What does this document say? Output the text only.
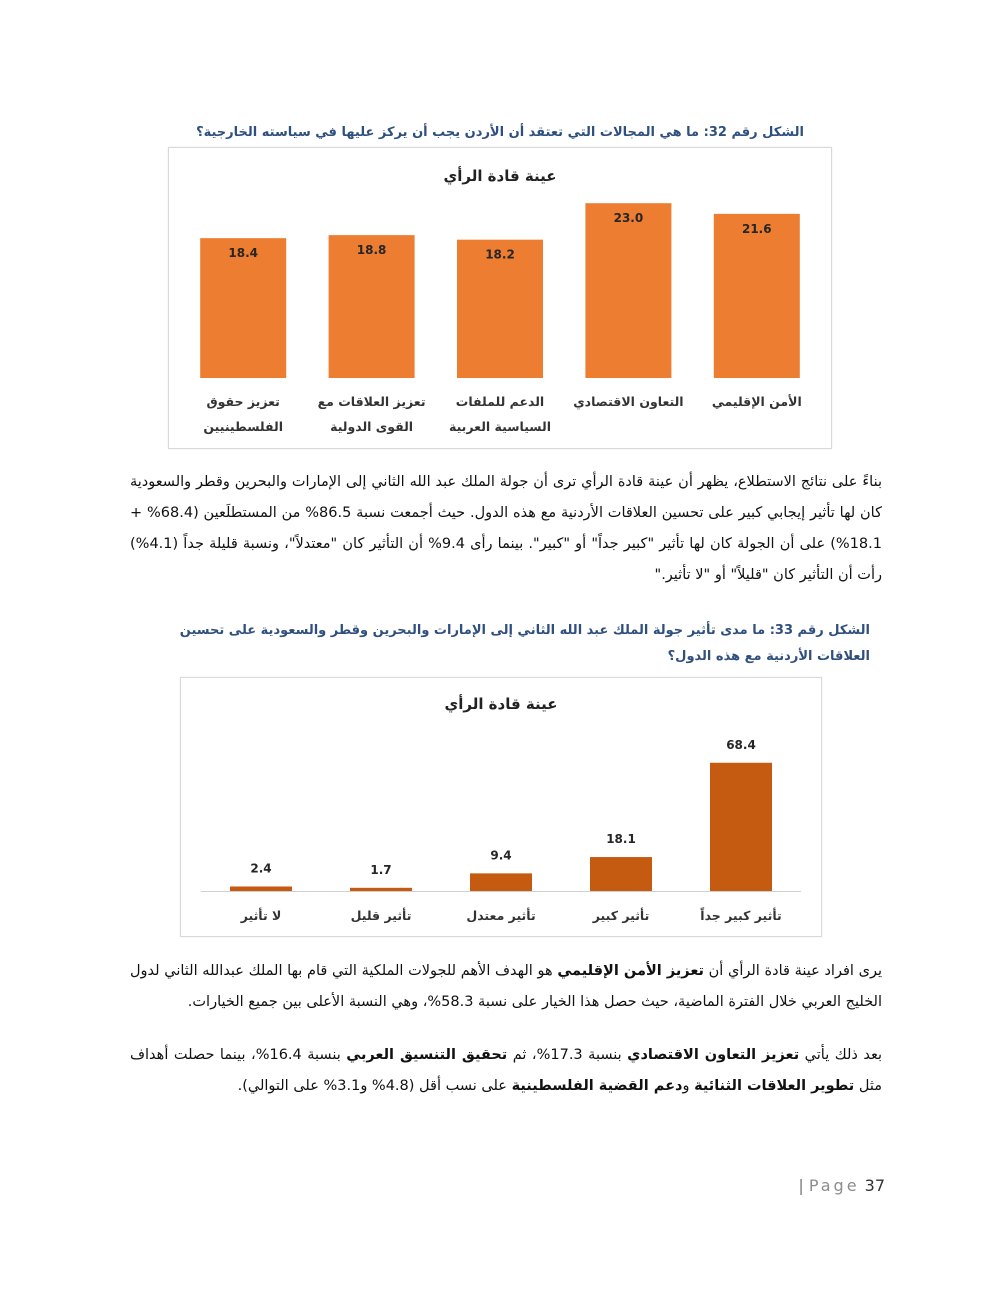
الشكل رقم 32: ما هي المجالات التي تعتقد أن الأردن يجب أن يركز عليها في سياسته الخارجية؟
عينة قادة الرأي
21.6
الأمن الإقليمي
23.0
التعاون الاقتصادي
18.2
الدعم للملفات
السياسية العربية
18.8
تعزيز العلاقات مع
القوى الدولية
18.4
تعزيز حقوق
الفلسطينيين
بناءً على نتائج الاستطلاع، يظهر أن عينة قادة الرأي ترى أن جولة الملك عبد الله الثاني إلى الإمارات والبحرين وقطر والسعودية كان لها تأثير إيجابي كبير على تحسين العلاقات الأردنية مع هذه الدول. حيث أجمعت نسبة 86.5% من المستطلَعين (68.4% + 18.1%) على أن الجولة كان لها تأثير "كبير جداً" أو "كبير". بينما رأى 9.4% أن التأثير كان "معتدلاً"، ونسبة قليلة جداً (4.1%) رأت أن التأثير كان "قليلاً" أو "لا تأثير."
الشكل رقم 33: ما مدى تأثير جولة الملك عبد الله الثاني إلى الإمارات والبحرين وقطر والسعودية على تحسين العلاقات الأردنية مع هذه الدول؟
عينة قادة الرأي
68.4
تأثير كبير جداً
18.1
تأثير كبير
9.4
تأثير معتدل
1.7
تأثير قليل
2.4
لا تأثير
يرى افراد عينة قادة الرأي أن تعزيز الأمن الإقليمي هو الهدف الأهم للجولات الملكية التي قام بها الملك عبدالله الثاني لدول الخليج العربي خلال الفترة الماضية، حيث حصل هذا الخيار على نسبة 58.3%، وهي النسبة الأعلى بين جميع الخيارات.
بعد ذلك يأتي تعزيز التعاون الاقتصادي بنسبة 17.3%، ثم تحقيق التنسيق العربي بنسبة 16.4%، بينما حصلت أهداف مثل تطوير العلاقات الثنائية ودعم القضية الفلسطينية على نسب أقل (4.8% و3.1% على التوالي).
| Page 37
